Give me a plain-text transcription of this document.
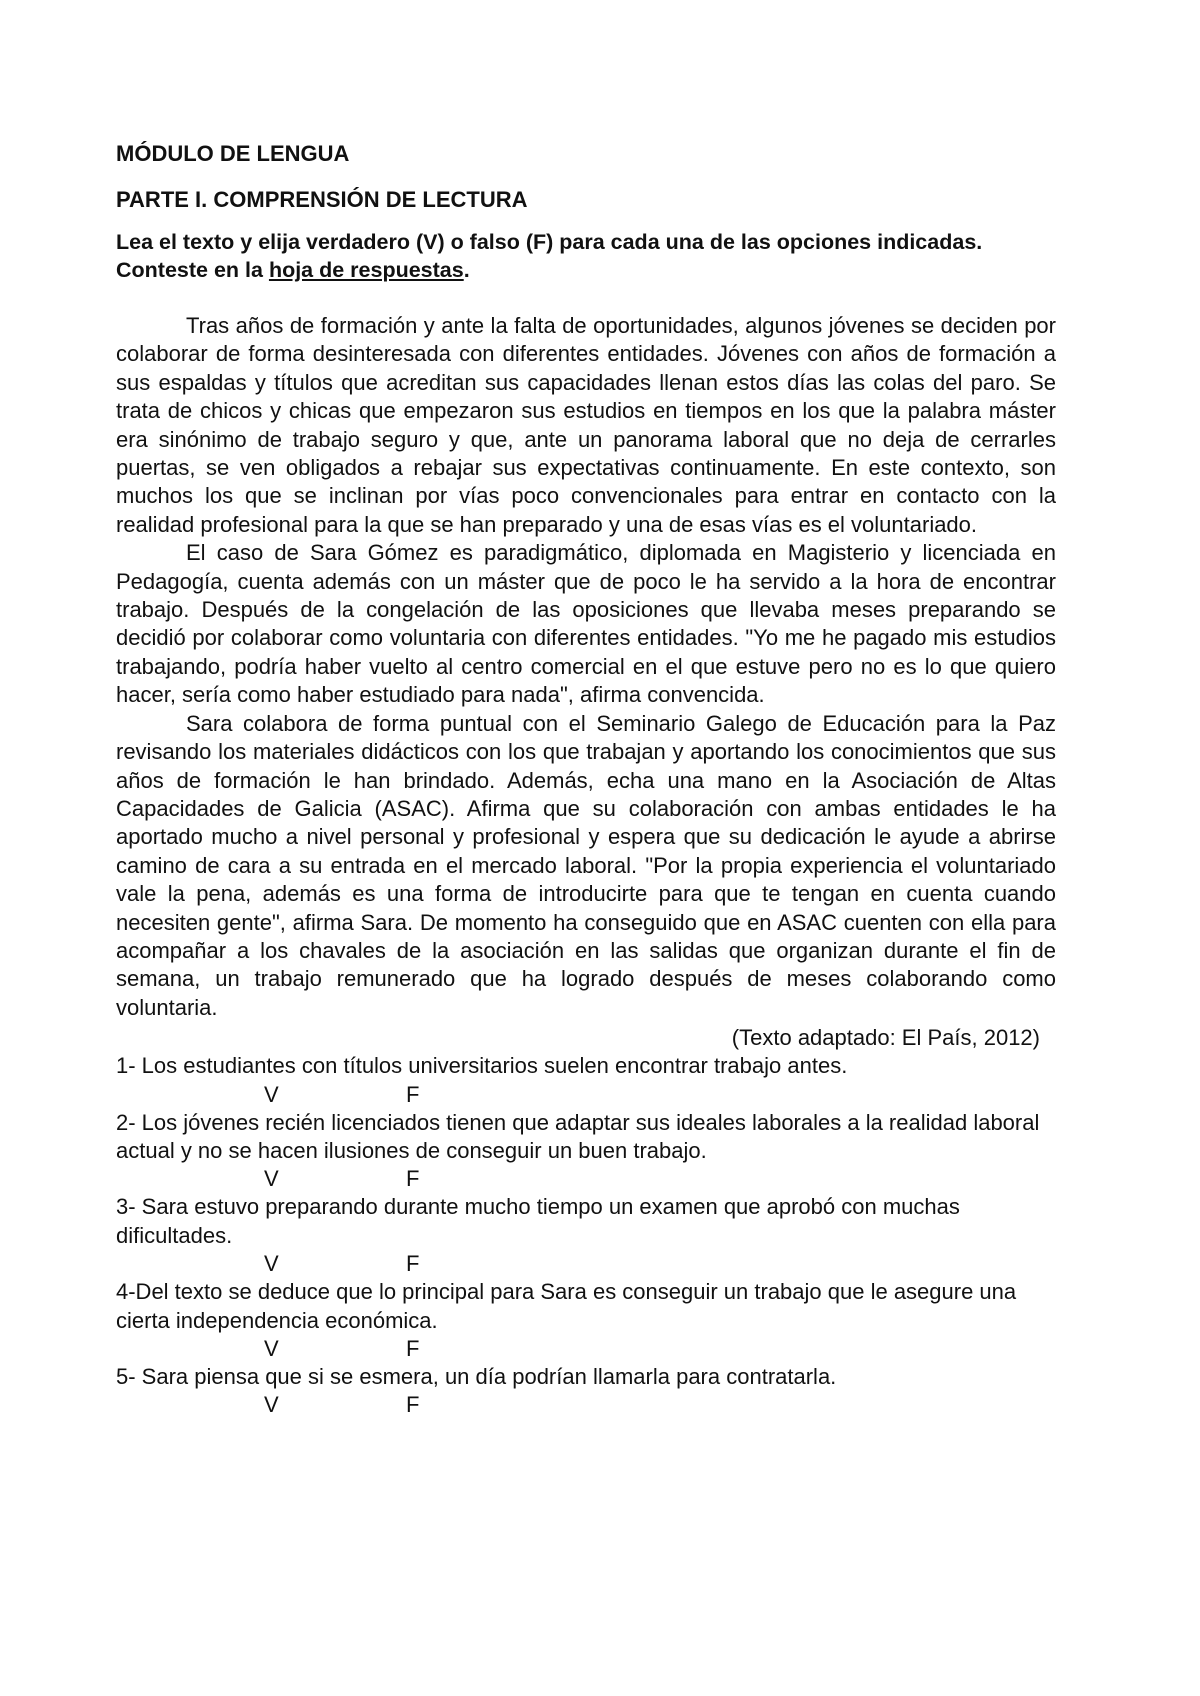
MÓDULO DE LENGUA
PARTE I. COMPRENSIÓN DE LECTURA
Lea el texto y elija verdadero (V) o falso (F) para cada una de las opciones indicadas. Conteste en la hoja de respuestas.

Tras años de formación y ante la falta de oportunidades, algunos jóvenes se deciden por colaborar de forma desinteresada con diferentes entidades. Jóvenes con años de formación a sus espaldas y títulos que acreditan sus capacidades llenan estos días las colas del paro. Se trata de chicos y chicas que empezaron sus estudios en tiempos en los que la palabra máster era sinónimo de trabajo seguro y que, ante un panorama laboral que no deja de cerrarles puertas, se ven obligados a rebajar sus expectativas continuamente. En este contexto, son muchos los que se inclinan por vías poco convencionales para entrar en contacto con la realidad profesional para la que se han preparado y una de esas vías es el voluntariado.

El caso de Sara Gómez es paradigmático, diplomada en Magisterio y licenciada en Pedagogía, cuenta además con un máster que de poco le ha servido a la hora de encontrar trabajo. Después de la congelación de las oposiciones que llevaba meses preparando se decidió por colaborar como voluntaria con diferentes entidades. "Yo me he pagado mis estudios trabajando, podría haber vuelto al centro comercial en el que estuve pero no es lo que quiero hacer, sería como haber estudiado para nada", afirma convencida.

Sara colabora de forma puntual con el Seminario Galego de Educación para la Paz revisando los materiales didácticos con los que trabajan y aportando los conocimientos que sus años de formación le han brindado. Además, echa una mano en la Asociación de Altas Capacidades de Galicia (ASAC). Afirma que su colaboración con ambas entidades le ha aportado mucho a nivel personal y profesional y espera que su dedicación le ayude a abrirse camino de cara a su entrada en el mercado laboral. "Por la propia experiencia el voluntariado vale la pena, además es una forma de introducirte para que te tengan en cuenta cuando necesiten gente", afirma Sara. De momento ha conseguido que en ASAC cuenten con ella para acompañar a los chavales de la asociación en las salidas que organizan durante el fin de semana, un trabajo remunerado que ha logrado después de meses colaborando como voluntaria.

(Texto adaptado: El País, 2012)
1- Los estudiantes con títulos universitarios suelen encontrar trabajo antes.
V	F
2- Los jóvenes recién licenciados tienen que adaptar sus ideales laborales a la realidad laboral actual y no se hacen ilusiones de conseguir un buen trabajo.
V	F
3- Sara estuvo preparando durante mucho tiempo un examen que aprobó con muchas dificultades.
V	F
4-Del texto se deduce que lo principal para Sara es conseguir un trabajo que le asegure una cierta independencia económica.
V	F
5- Sara piensa que si se esmera, un día podrían llamarla para contratarla.
V	F
